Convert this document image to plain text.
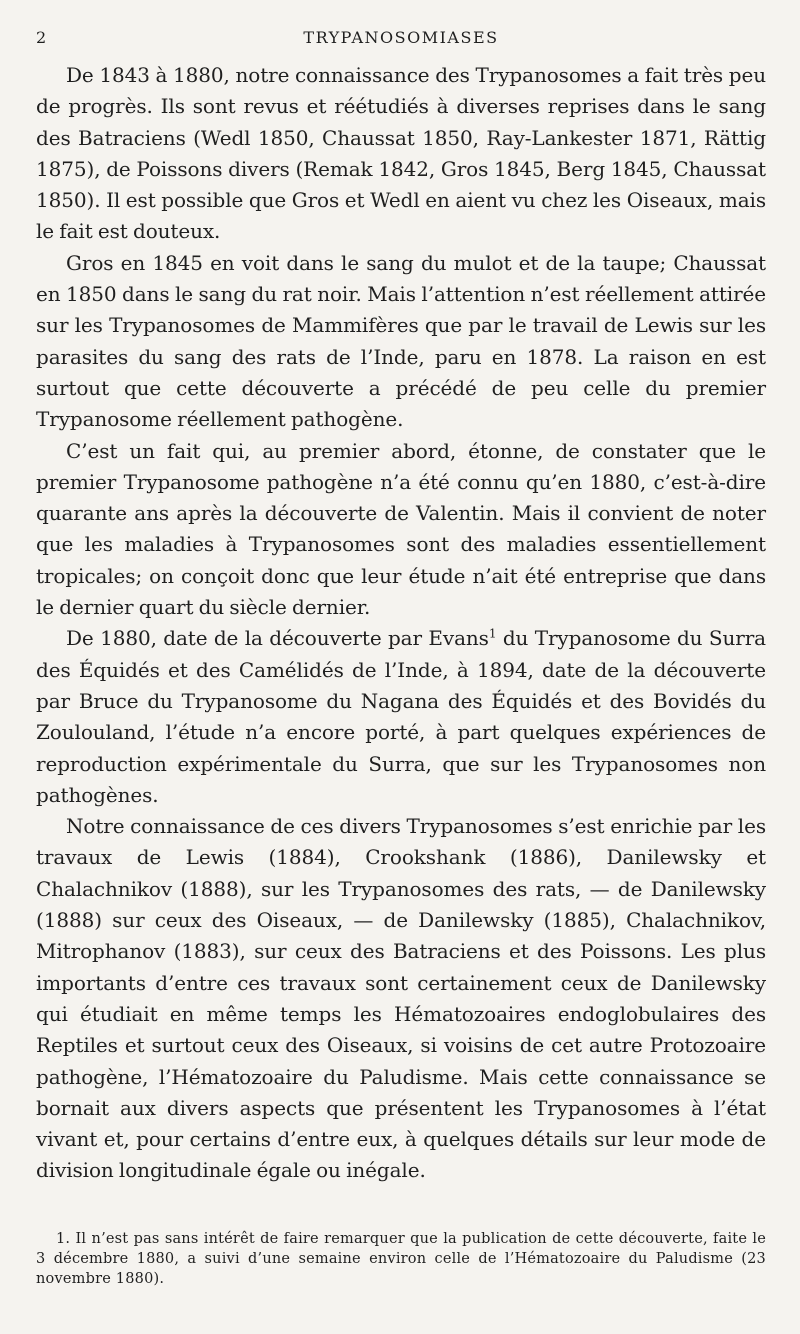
2	TRYPANOSOMIASES

De 1843 à 1880, notre connaissance des Trypanosomes a fait très peu de progrès. Ils sont revus et réétudiés à diverses reprises dans le sang des Batraciens (Wedl 1850, Chaussat 1850, Ray-Lankester 1871, Rättig 1875), de Poissons divers (Remak 1842, Gros 1845, Berg 1845, Chaussat 1850). Il est possible que Gros et Wedl en aient vu chez les Oiseaux, mais le fait est douteux.

Gros en 1845 en voit dans le sang du mulot et de la taupe; Chaussat en 1850 dans le sang du rat noir. Mais l’attention n’est réellement attirée sur les Trypanosomes de Mammifères que par le travail de Lewis sur les parasites du sang des rats de l’Inde, paru en 1878. La raison en est surtout que cette découverte a précédé de peu celle du premier Trypanosome réellement pathogène.

C’est un fait qui, au premier abord, étonne, de constater que le premier Trypanosome pathogène n’a été connu qu’en 1880, c’est-à-dire quarante ans après la découverte de Valentin. Mais il convient de noter que les maladies à Trypanosomes sont des maladies essentiellement tropicales; on conçoit donc que leur étude n’ait été entreprise que dans le dernier quart du siècle dernier.

De 1880, date de la découverte par Evans$^1$ du Trypanosome du Surra des Équidés et des Camélidés de l’Inde, à 1894, date de la découverte par Bruce du Trypanosome du Nagana des Équidés et des Bovidés du Zoulouland, l’étude n’a encore porté, à part quelques expériences de reproduction expérimentale du Surra, que sur les Trypanosomes non pathogènes.

Notre connaissance de ces divers Trypanosomes s’est enrichie par les travaux de Lewis (1884), Crookshank (1886), Danilewsky et Chalachnikov (1888), sur les Trypanosomes des rats, — de Danilewsky (1888) sur ceux des Oiseaux, — de Danilewsky (1885), Chalachnikov, Mitrophanov (1883), sur ceux des Batraciens et des Poissons. Les plus importants d’entre ces travaux sont certainement ceux de Danilewsky qui étudiait en même temps les Hématozoaires endoglobulaires des Reptiles et surtout ceux des Oiseaux, si voisins de cet autre Protozoaire pathogène, l’Hématozoaire du Paludisme. Mais cette connaissance se bornait aux divers aspects que présentent les Trypanosomes à l’état vivant et, pour certains d’entre eux, à quelques détails sur leur mode de division longitudinale égale ou inégale.

1. Il n’est pas sans intérêt de faire remarquer que la publication de cette découverte, faite le 3 décembre 1880, a suivi d’une semaine environ celle de l’Hématozoaire du Paludisme (23 novembre 1880).
